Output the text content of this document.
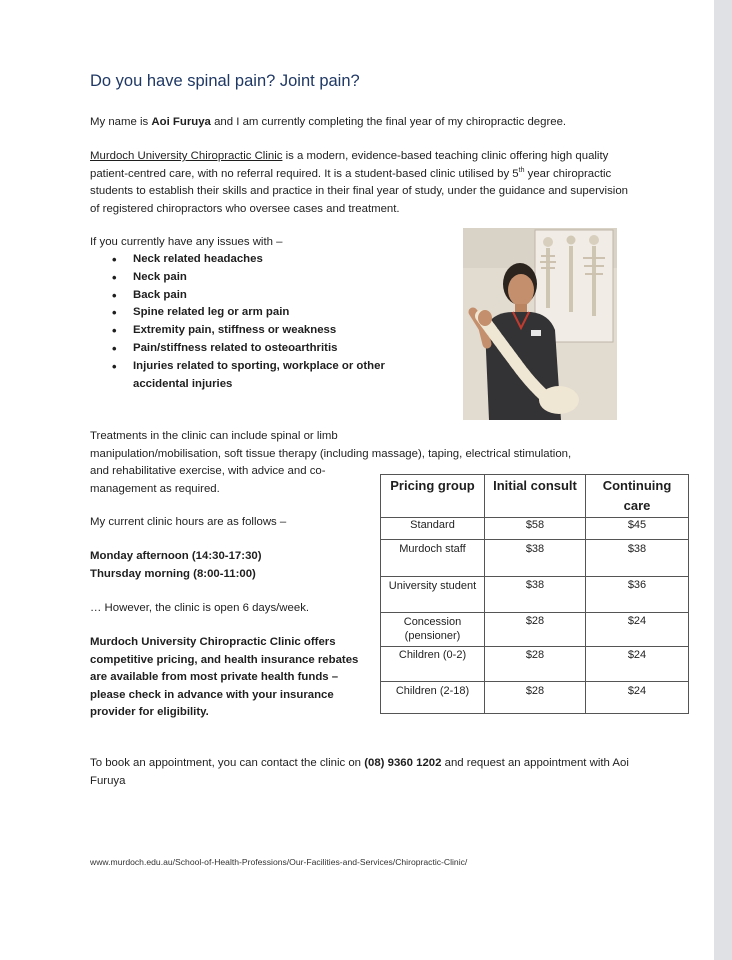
Do you have spinal pain? Joint pain?
My name is Aoi Furuya and I am currently completing the final year of my chiropractic degree.
Murdoch University Chiropractic Clinic is a modern, evidence-based teaching clinic offering high quality patient-centred care, with no referral required. It is a student-based clinic utilised by 5th year chiropractic students to establish their skills and practice in their final year of study, under the guidance and supervision of registered chiropractors who oversee cases and treatment.
If you currently have any issues with –
• Neck related headaches
• Neck pain
• Back pain
• Spine related leg or arm pain
• Extremity pain, stiffness or weakness
• Pain/stiffness related to osteoarthritis
• Injuries related to sporting, workplace or other accidental injuries
Treatments in the clinic can include spinal or limb
manipulation/mobilisation, soft tissue therapy (including massage), taping, electrical stimulation,
and rehabilitative exercise, with advice and co-management as required.
My current clinic hours are as follows –
Monday afternoon (14:30-17:30)
Thursday morning (8:00-11:00)
… However, the clinic is open 6 days/week.
Murdoch University Chiropractic Clinic offers competitive pricing, and health insurance rebates are available from most private health funds – please check in advance with your insurance provider for eligibility.
Pricing group	Initial consult	Continuing care
Standard	$58	$45
Murdoch staff	$38	$38
University student	$38	$36
Concession (pensioner)	$28	$24
Children (0-2)	$28	$24
Children (2-18)	$28	$24
To book an appointment, you can contact the clinic on (08) 9360 1202 and request an appointment with Aoi Furuya
www.murdoch.edu.au/School-of-Health-Professions/Our-Facilities-and-Services/Chiropractic-Clinic/
